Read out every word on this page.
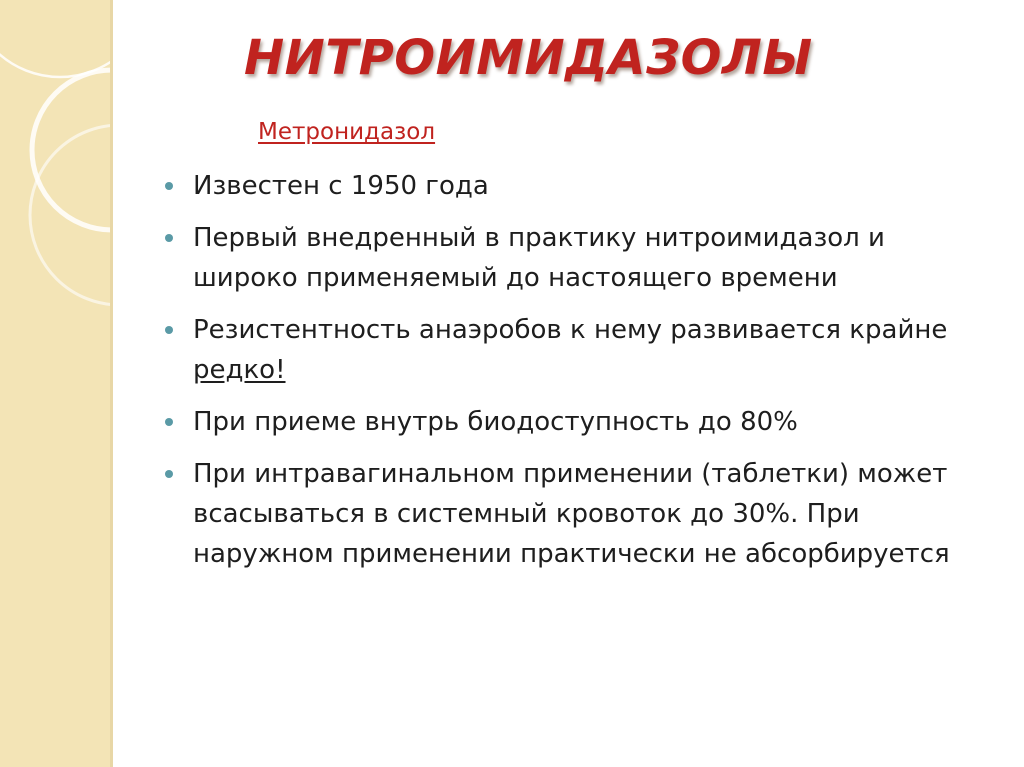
НИТРОИМИДАЗОЛЫ

Метронидазол

Известен с 1950 года
Первый внедренный в практику нитроимидазол и широко применяемый до настоящего времени
Резистентность анаэробов к нему развивается крайне редко!
При приеме внутрь биодоступность до 80%
При интравагинальном применении (таблетки) может всасываться в системный кровоток до 30%. При наружном применении практически не абсорбируется
